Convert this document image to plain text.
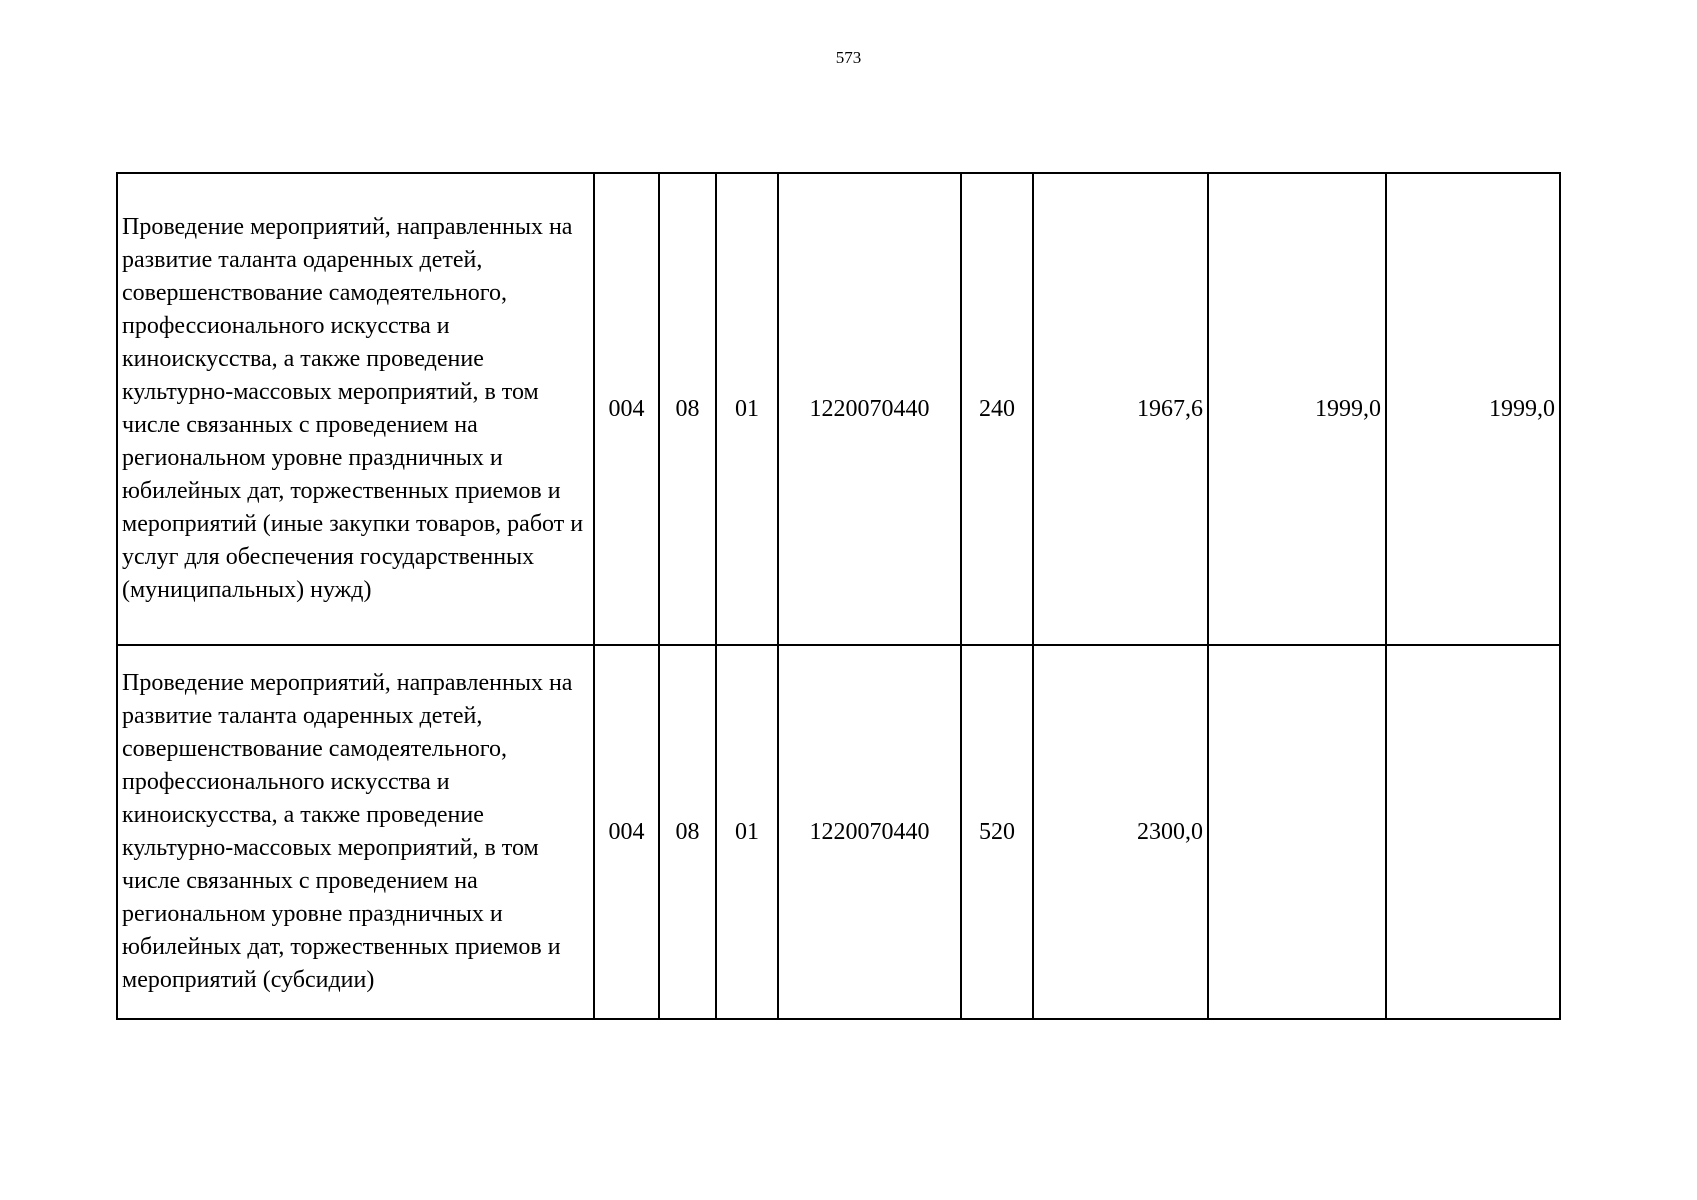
573
Проведение мероприятий, направленных на развитие таланта одаренных детей, совершенствование самодеятельного, профессионального искусства и киноискусства, а также проведение культурно-массовых мероприятий, в том числе связанных с проведением на региональном уровне праздничных и юбилейных дат, торжественных приемов и мероприятий (иные закупки товаров, работ и услуг для обеспечения государственных (муниципальных) нужд)	004	08	01	1220070440	240	1967,6	1999,0	1999,0
Проведение мероприятий, направленных на развитие таланта одаренных детей, совершенствование самодеятельного, профессионального искусства и киноискусства, а также проведение культурно-массовых мероприятий, в том числе связанных с проведением на региональном уровне праздничных и юбилейных дат, торжественных приемов и мероприятий (субсидии)	004	08	01	1220070440	520	2300,0		
